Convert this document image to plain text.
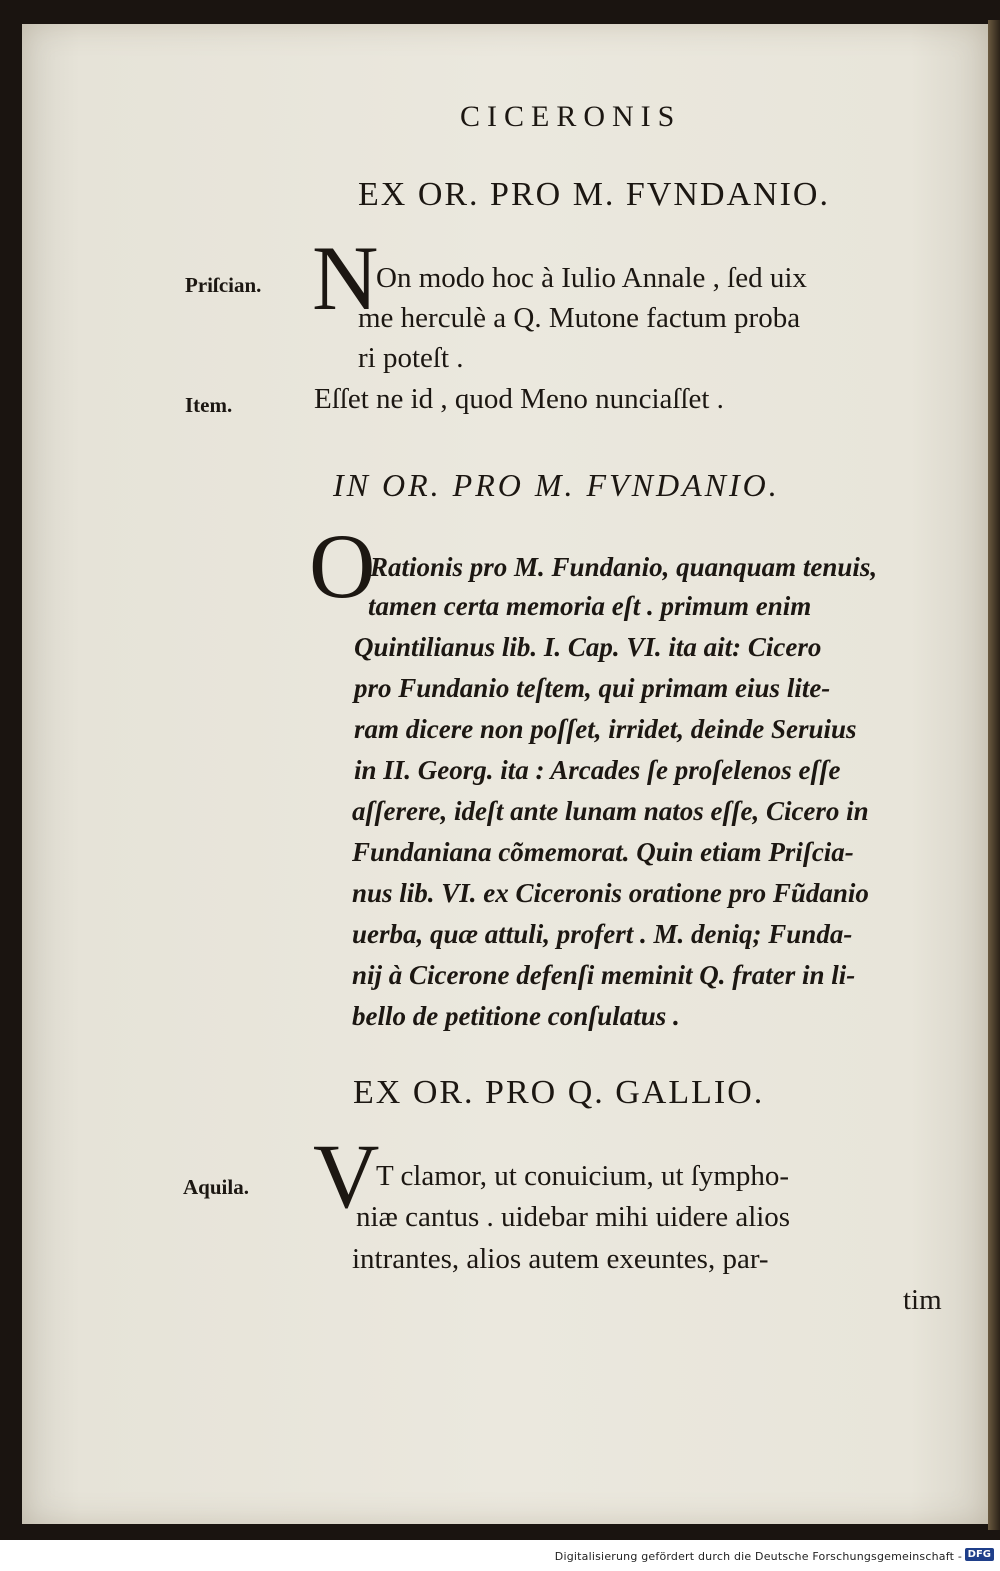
CICERONIS
EX OR. PRO M. FVNDANIO.
Priſcian. N
On modo hoc à Iulio Annale , ſed uix
me herculè a Q. Mutone factum proba
ri poteſt .
Item.	Eſſet ne id , quod Meno nunciaſſet .
IN OR. PRO M. FVNDANIO.
O
Rationis pro M. Fundanio, quanquam tenuis,
tamen certa memoria eſt . primum enim
Quintilianus lib. I. Cap. VI. ita ait: Cicero
pro Fundanio teſtem, qui primam eius lite-
ram dicere non poſſet, irridet, deinde Seruius
in II. Georg. ita : Arcades ſe proſelenos eſſe
aſſerere, ideſt ante lunam natos eſſe, Cicero in
Fundaniana cõmemorat. Quin etiam Priſcia-
nus lib. VI. ex Ciceronis oratione pro Fũdanio
uerba, quæ attuli, profert . M. deniq; Funda-
nij à Cicerone defenſi meminit Q. frater in li-
bello de petitione conſulatus .
EX OR. PRO Q. GALLIO.
Aquila. V
T clamor, ut conuicium, ut ſympho-
niæ cantus . uidebar mihi uidere alios
intrantes, alios autem exeuntes, par-
tim
Digitalisierung gefördert durch die Deutsche Forschungsgemeinschaft - DFG
